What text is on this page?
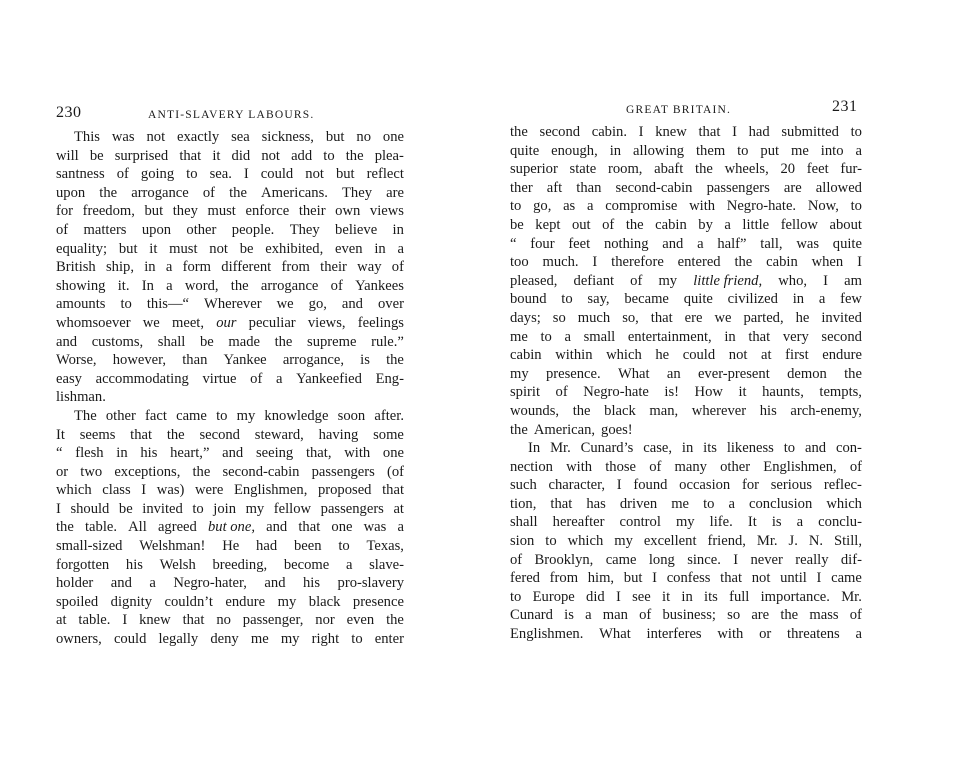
230	ANTI-SLAVERY LABOURS.
This was not exactly sea sickness, but no one
will be surprised that it did not add to the plea-
santness of going to sea. I could not but reflect
upon the arrogance of the Americans. They are
for freedom, but they must enforce their own views
of matters upon other people. They believe in
equality; but it must not be exhibited, even in a
British ship, in a form different from their way of
showing it. In a word, the arrogance of Yankees
amounts to this—“ Wherever we go, and over
whomsoever we meet, our peculiar views, feelings
and customs, shall be made the supreme rule.”
Worse, however, than Yankee arrogance, is the
easy accommodating virtue of a Yankeefied Eng-
lishman.
The other fact came to my knowledge soon after.
It seems that the second steward, having some
“ flesh in his heart,” and seeing that, with one
or two exceptions, the second-cabin passengers (of
which class I was) were Englishmen, proposed that
I should be invited to join my fellow passengers at
the table. All agreed but one, and that one was a
small-sized Welshman! He had been to Texas,
forgotten his Welsh breeding, become a slave-
holder and a Negro-hater, and his pro-slavery
spoiled dignity couldn’t endure my black presence
at table. I knew that no passenger, nor even the
owners, could legally deny me my right to enter
GREAT BRITAIN.	231
the second cabin. I knew that I had submitted to
quite enough, in allowing them to put me into a
superior state room, abaft the wheels, 20 feet fur-
ther aft than second-cabin passengers are allowed
to go, as a compromise with Negro-hate. Now, to
be kept out of the cabin by a little fellow about
“ four feet nothing and a half” tall, was quite
too much. I therefore entered the cabin when I
pleased, defiant of my little friend, who, I am
bound to say, became quite civilized in a few
days; so much so, that ere we parted, he invited
me to a small entertainment, in that very second
cabin within which he could not at first endure
my presence. What an ever-present demon the
spirit of Negro-hate is! How it haunts, tempts,
wounds, the black man, wherever his arch-enemy,
the American, goes!
In Mr. Cunard’s case, in its likeness to and con-
nection with those of many other Englishmen, of
such character, I found occasion for serious reflec-
tion, that has driven me to a conclusion which
shall hereafter control my life. It is a conclu-
sion to which my excellent friend, Mr. J. N. Still,
of Brooklyn, came long since. I never really dif-
fered from him, but I confess that not until I came
to Europe did I see it in its full importance. Mr.
Cunard is a man of business; so are the mass of
Englishmen. What interferes with or threatens a
